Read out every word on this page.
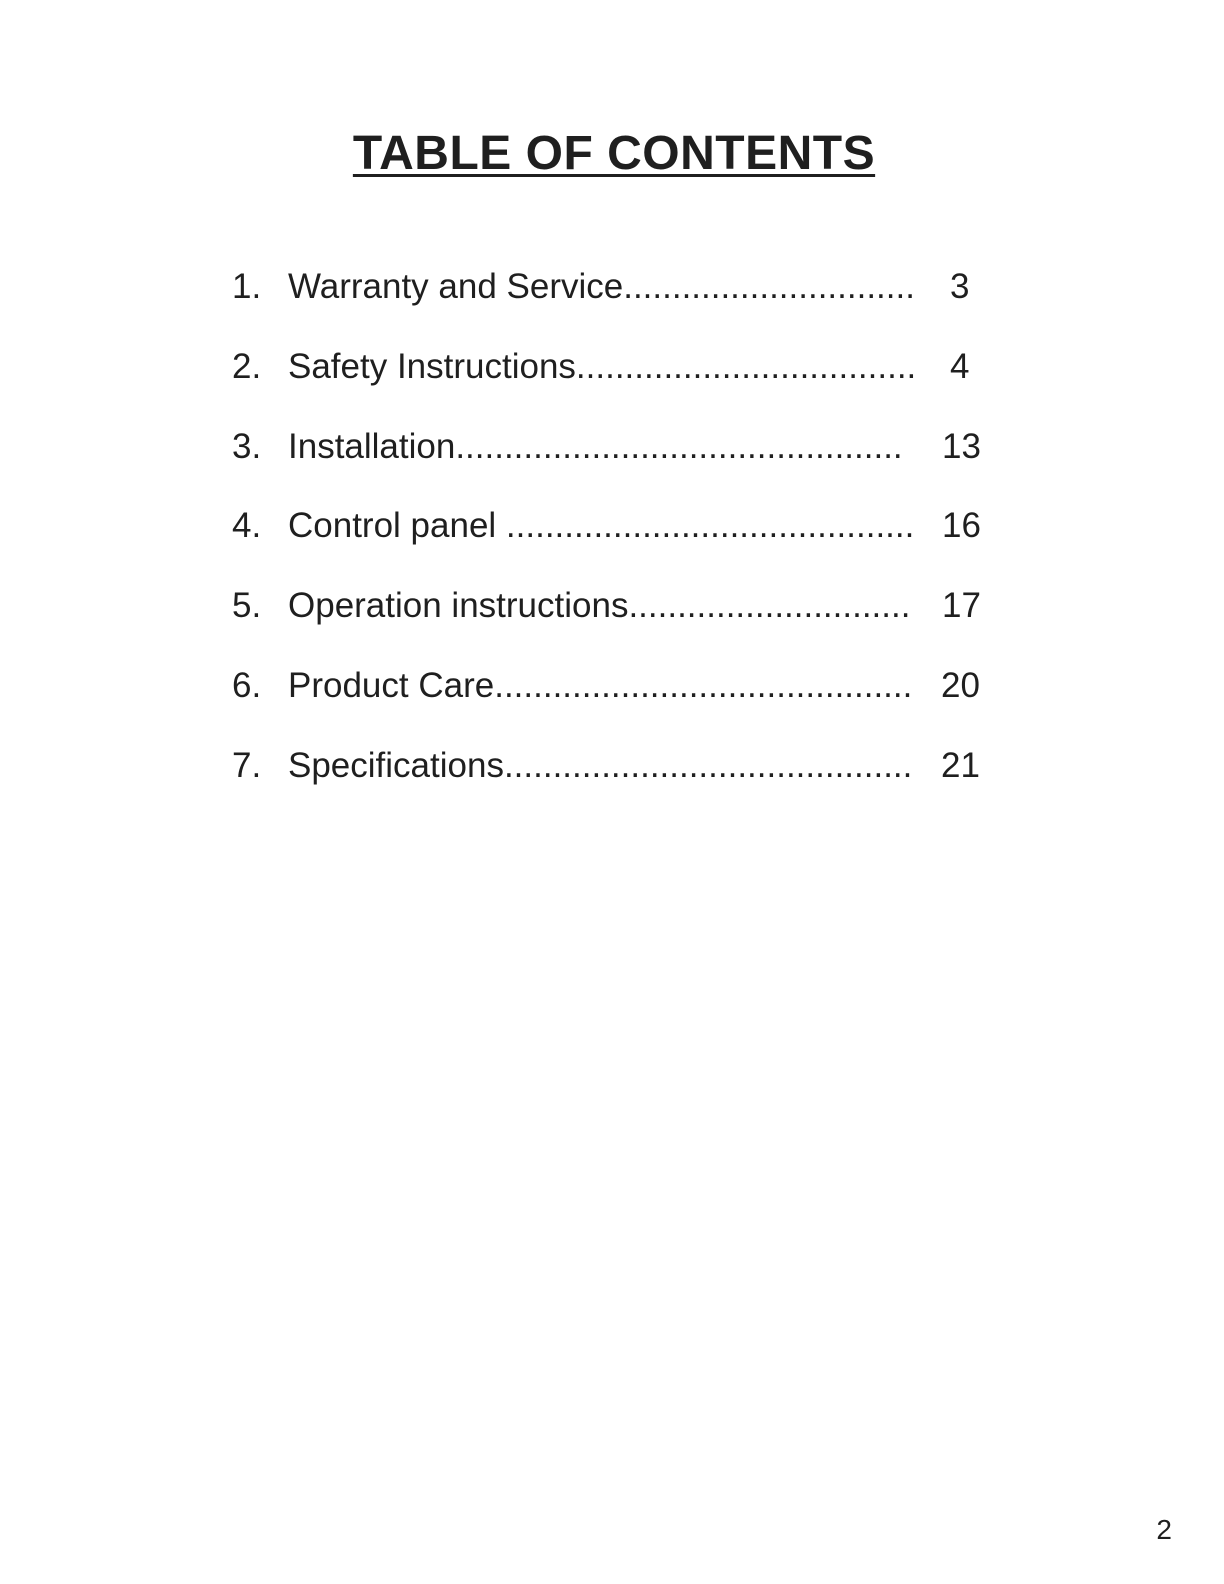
TABLE OF CONTENTS
1. Warranty and Service.............................. 3
2. Safety Instructions................................... 4
3. Installation.............................................. 13
4. Control panel .......................................... 16
5. Operation instructions............................. 17
6. Product Care........................................... 20
7. Specifications.......................................... 21

2
